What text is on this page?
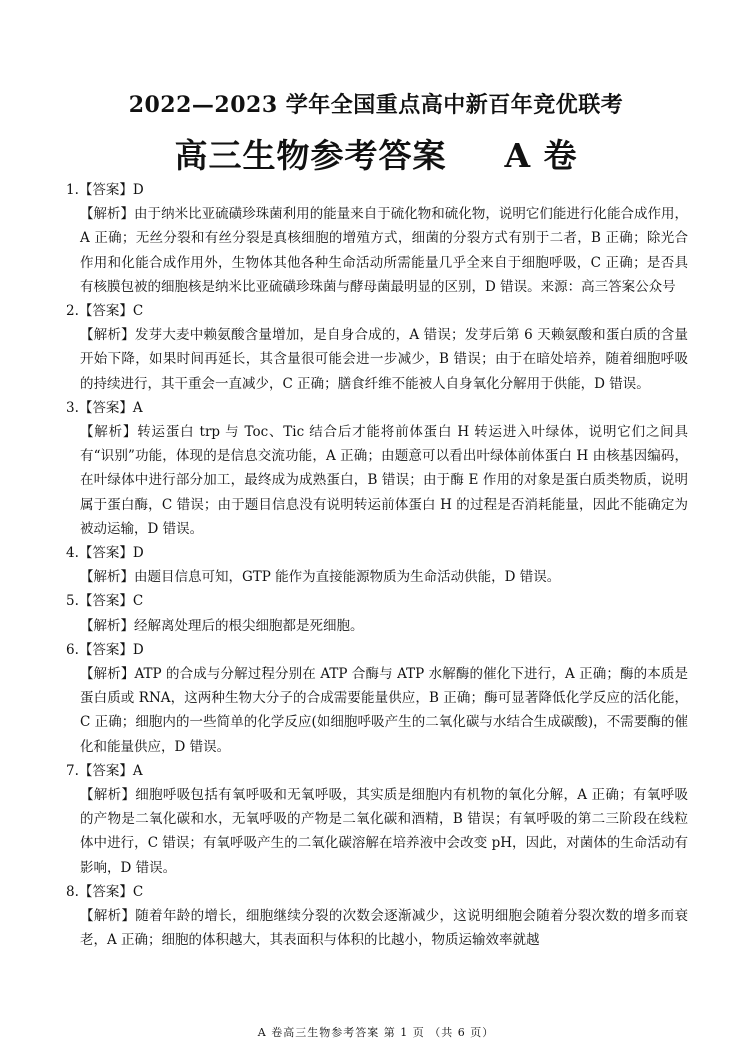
2022—2023 学年全国重点高中新百年竞优联考
高三生物参考答案 A 卷
1.【答案】D
【解析】由于纳米比亚硫磺珍珠菌利用的能量来自于硫化物和硫化物，说明它们能进行化能合成作用，A 正确；无丝分裂和有丝分裂是真核细胞的增殖方式，细菌的分裂方式有别于二者，B 正确；除光合作用和化能合成作用外，生物体其他各种生命活动所需能量几乎全来自于细胞呼吸，C 正确；是否具有核膜包被的细胞核是纳米比亚硫磺珍珠菌与酵母菌最明显的区别，D 错误。来源：高三答案公众号
2.【答案】C
【解析】发芽大麦中赖氨酸含量增加，是自身合成的，A 错误；发芽后第 6 天赖氨酸和蛋白质的含量开始下降，如果时间再延长，其含量很可能会进一步减少，B 错误；由于在暗处培养，随着细胞呼吸的持续进行，其干重会一直减少，C 正确；膳食纤维不能被人自身氧化分解用于供能，D 错误。
3.【答案】A
【解析】转运蛋白 trp 与 Toc、Tic 结合后才能将前体蛋白 H 转运进入叶绿体，说明它们之间具有“识别”功能，体现的是信息交流功能，A 正确；由题意可以看出叶绿体前体蛋白 H 由核基因编码，在叶绿体中进行部分加工，最终成为成熟蛋白，B 错误；由于酶 E 作用的对象是蛋白质类物质，说明属于蛋白酶，C 错误；由于题目信息没有说明转运前体蛋白 H 的过程是否消耗能量，因此不能确定为被动运输，D 错误。
4.【答案】D
【解析】由题目信息可知，GTP 能作为直接能源物质为生命活动供能，D 错误。
5.【答案】C
【解析】经解离处理后的根尖细胞都是死细胞。
6.【答案】D
【解析】ATP 的合成与分解过程分别在 ATP 合酶与 ATP 水解酶的催化下进行，A 正确；酶的本质是蛋白质或 RNA，这两种生物大分子的合成需要能量供应，B 正确；酶可显著降低化学反应的活化能，C 正确；细胞内的一些简单的化学反应(如细胞呼吸产生的二氧化碳与水结合生成碳酸)，不需要酶的催化和能量供应，D 错误。
7.【答案】A
【解析】细胞呼吸包括有氧呼吸和无氧呼吸，其实质是细胞内有机物的氧化分解，A 正确；有氧呼吸的产物是二氧化碳和水，无氧呼吸的产物是二氧化碳和酒精，B 错误；有氧呼吸的第二三阶段在线粒体中进行，C 错误；有氧呼吸产生的二氧化碳溶解在培养液中会改变 pH，因此，对菌体的生命活动有影响，D 错误。
8.【答案】C
【解析】随着年龄的增长，细胞继续分裂的次数会逐渐减少，这说明细胞会随着分裂次数的增多而衰老，A 正确；细胞的体积越大，其表面积与体积的比越小，物质运输效率就越
A 卷高三生物参考答案 第 1 页 （共 6 页）
